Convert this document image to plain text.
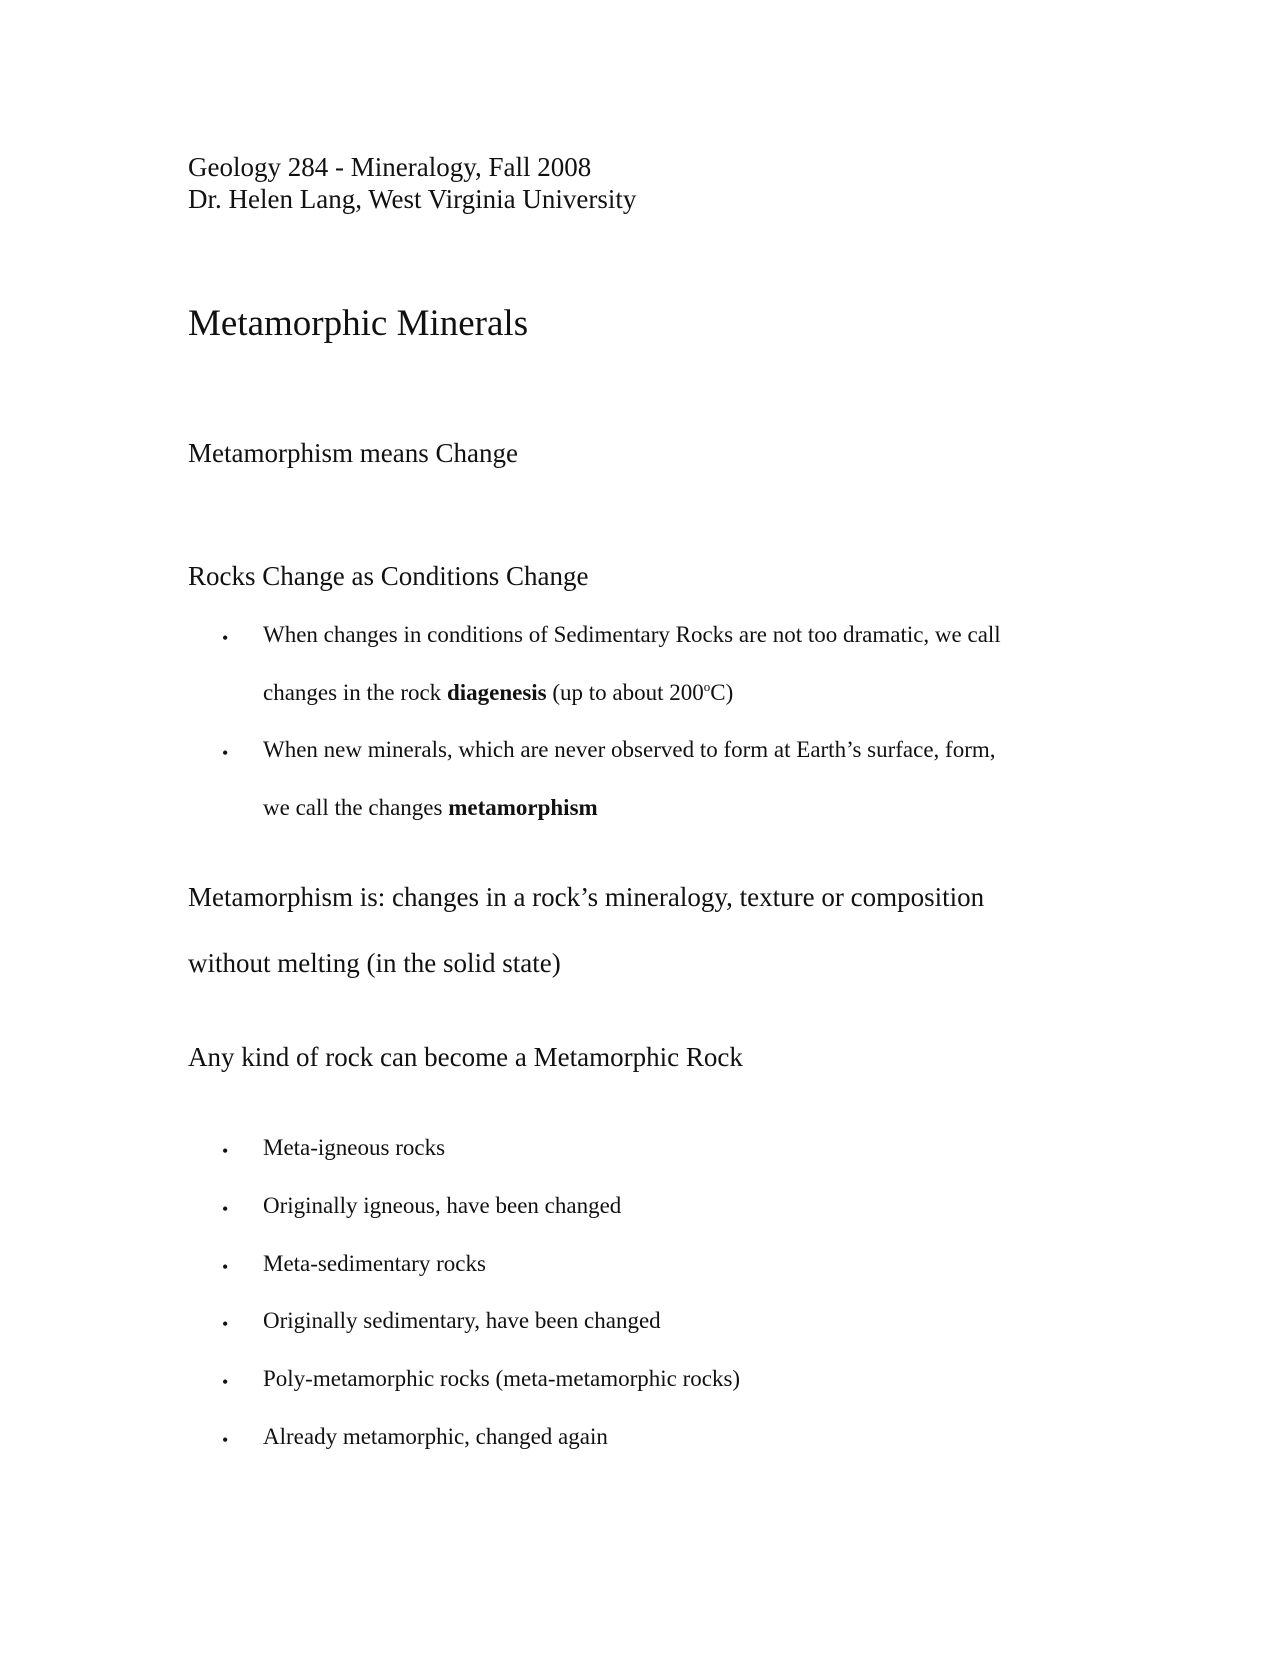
Geology 284 - Mineralogy, Fall 2008

Dr. Helen Lang, West Virginia University

Metamorphic Minerals
Metamorphism means Change
Rocks Change as Conditions Change
• When changes in conditions of Sedimentary Rocks are not too dramatic, we call

changes in the rock diagenesis (up to about 200$^o$C)

• When new minerals, which are never observed to form at Earth’s surface, form,

we call the changes metamorphism

Metamorphism is: changes in a rock’s mineralogy, texture or composition

without melting (in the solid state)

Any kind of rock can become a Metamorphic Rock
• Meta-igneous rocks

• Originally igneous, have been changed

• Meta-sedimentary rocks

• Originally sedimentary, have been changed

• Poly-metamorphic rocks (meta-metamorphic rocks)

• Already metamorphic, changed again
